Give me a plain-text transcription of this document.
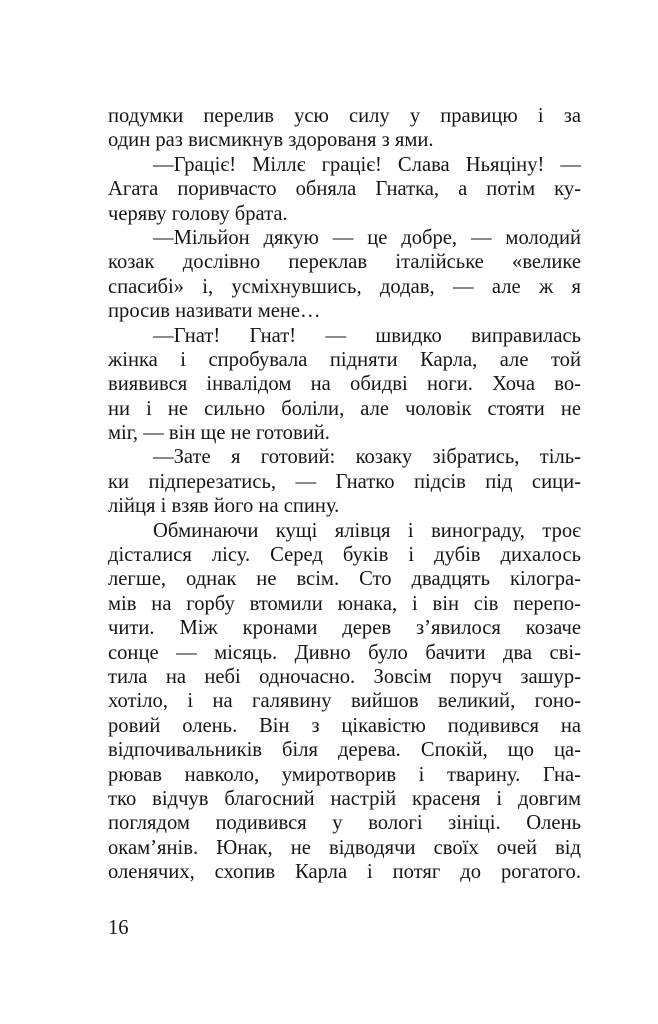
подумки перелив усю силу у правицю і за
один раз висмикнув здорованя з ями.
—Граціє! Міллє граціє! Слава Ньяціну! —
Агата поривчасто обняла Гнатка, а потім ку-
черяву голову брата.
—Мільйон дякую — це добре, — молодий
козак дослівно переклав італійське «велике
спасибі» і, усміхнувшись, додав, — але ж я
просив називати мене…
—Гнат! Гнат! — швидко виправилась
жінка і спробувала підняти Карла, але той
виявився інвалідом на обидві ноги. Хоча во-
ни і не сильно боліли, але чоловік стояти не
міг, — він ще не готовий.
—Зате я готовий: козаку зібратись, тіль-
ки підперезатись, — Гнатко підсів під сици-
лійця і взяв його на спину.
Обминаючи кущі ялівця і винограду, троє
дісталися лісу. Серед буків і дубів дихалось
легше, однак не всім. Сто двадцять кілогра-
мів на горбу втомили юнака, і він сів перепо-
чити. Між кронами дерев з’явилося козаче
сонце — місяць. Дивно було бачити два сві-
тила на небі одночасно. Зовсім поруч зашур-
хотіло, і на галявину вийшов великий, гоно-
ровий олень. Він з цікавістю подивився на
відпочивальників біля дерева. Спокій, що ца-
рював навколо, умиротворив і тварину. Гна-
тко відчув благосний настрій красеня і довгим
поглядом подивився у вологі зініці. Олень
окам’янів. Юнак, не відводячи своїх очей від
оленячих, схопив Карла і потяг до рогатого.
16
